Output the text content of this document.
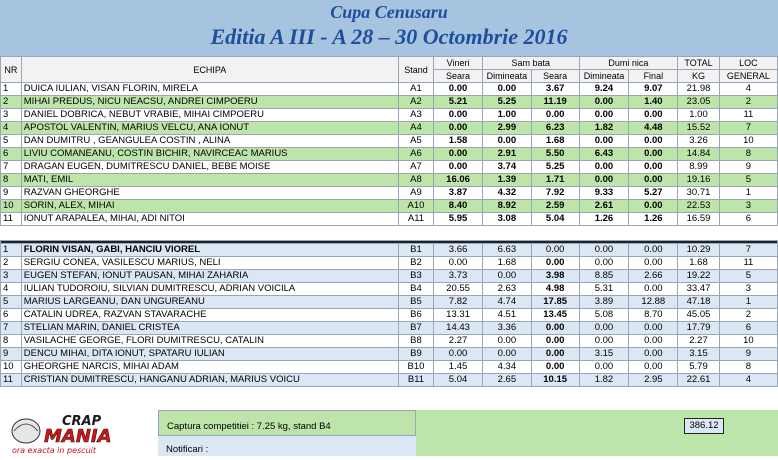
Cupa Cenusaru
Editia A III - A 28 – 30 Octombrie 2016
NR	ECHIPA	Stand	Vineri	Sam bata		Dumi nica		TOTAL	LOC
			Seara	Dimineata	Seara	Dimineata	Final	KG	GENERAL
1	DUICA IULIAN, VISAN FLORIN, MIRELA	A1	0.00	0.00	3.67	9.24	9.07	21.98	4
2	MIHAI PREDUS, NICU NEACSU, ANDREI CIMPOERU	A2	5.21	5.25	11.19	0.00	1.40	23.05	2
3	DANIEL DOBRICA, NEBUT VRABIE, MIHAI CIMPOERU	A3	0.00	1.00	0.00	0.00	0.00	1.00	11
4	APOSTOL VALENTIN, MARIUS VELCU, ANA IONUT	A4	0.00	2.99	6.23	1.82	4.48	15.52	7
5	DAN DUMITRU , GEANGULEA COSTIN , ALINA	A5	1.58	0.00	1.68	0.00	0.00	3.26	10
6	LIVIU COMANEANU, COSTIN BICHIR, NAVIRCEAC MARIUS	A6	0.00	2.91	5.50	6.43	0.00	14.84	8
7	DRAGAN EUGEN, DUMITRESCU DANIEL, BEBE MOISE	A7	0.00	3.74	5.25	0.00	0.00	8.99	9
8	MATI, EMIL	A8	16.06	1.39	1.71	0.00	0.00	19.16	5
9	RAZVAN GHEORGHE	A9	3.87	4.32	7.92	9.33	5.27	30.71	1
10	SORIN, ALEX, MIHAI	A10	8.40	8.92	2.59	2.61	0.00	22.53	3
11	IONUT ARAPALEA, MIHAI, ADI NITOI	A11	5.95	3.08	5.04	1.26	1.26	16.59	6

1	FLORIN VISAN, GABI, HANCIU VIOREL	B1	3.66	6.63	0.00	0.00	0.00	10.29	7
2	SERGIU CONEA, VASILESCU MARIUS, NELI	B2	0.00	1.68	0.00	0.00	0.00	1.68	11
3	EUGEN STEFAN, IONUT PAUSAN, MIHAI ZAHARIA	B3	3.73	0.00	3.98	8.85	2.66	19.22	5
4	IULIAN TUDOROIU, SILVIAN DUMITRESCU, ADRIAN VOICILA	B4	20.55	2.63	4.98	5.31	0.00	33.47	3
5	MARIUS LARGEANU, DAN UNGUREANU	B5	7.82	4.74	17.85	3.89	12.88	47.18	1
6	CATALIN UDREA, RAZVAN STAVARACHE	B6	13.31	4.51	13.45	5.08	8.70	45.05	2
7	STELIAN MARIN, DANIEL CRISTEA	B7	14.43	3.36	0.00	0.00	0.00	17.79	6
8	VASILACHE GEORGE, FLORI DUMITRESCU, CATALIN	B8	2.27	0.00	0.00	0.00	0.00	2.27	10
9	DENCU MIHAI, DITA IONUT, SPATARU IULIAN	B9	0.00	0.00	0.00	3.15	0.00	3.15	9
10	GHEORGHE NARCIS, MIHAI ADAM	B10	1.45	4.34	0.00	0.00	0.00	5.79	8
11	CRISTIAN DUMITRESCU, HANGANU ADRIAN, MARIUS VOICU	B11	5.04	2.65	10.15	1.82	2.95	22.61	4
CRAP
MANIA
ora exacta in pescuit
Captura competitiei : 7.25 kg, stand B4
Notificari :
386.12
